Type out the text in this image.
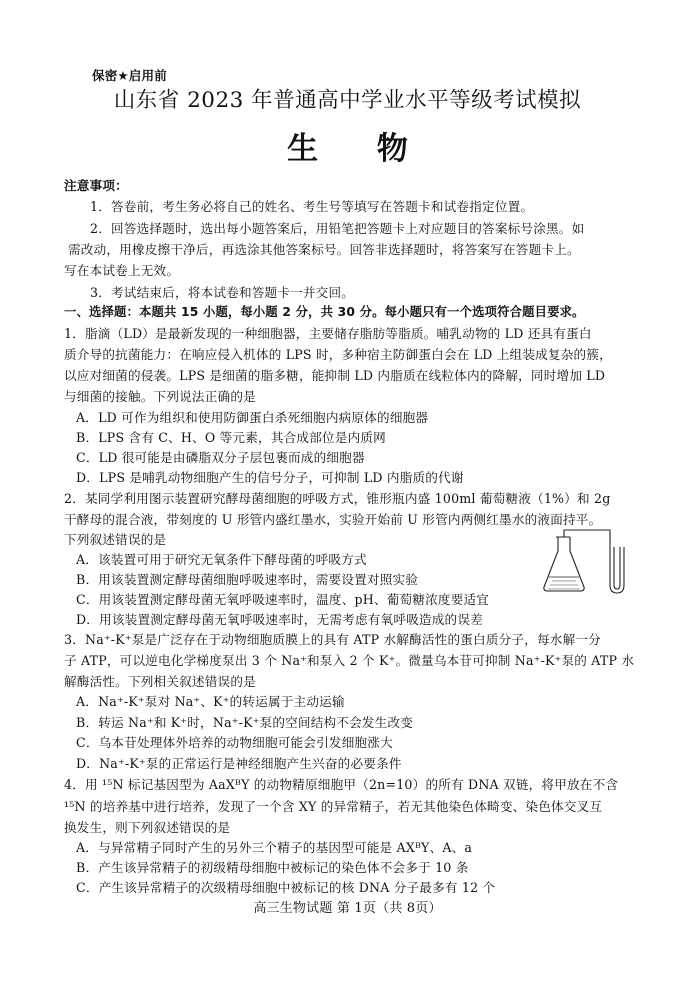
保密★启用前
山东省 2023 年普通高中学业水平等级考试模拟
生 物
注意事项：
1．答卷前，考生务必将自己的姓名、考生号等填写在答题卡和试卷指定位置。
2．回答选择题时，选出每小题答案后，用铅笔把答题卡上对应题目的答案标号涂黑。如
需改动，用橡皮擦干净后，再选涂其他答案标号。回答非选择题时，将答案写在答题卡上。
写在本试卷上无效。
3．考试结束后，将本试卷和答题卡一并交回。
一、选择题：本题共 15 小题，每小题 2 分，共 30 分。每小题只有一个选项符合题目要求。
1．脂滴（LD）是最新发现的一种细胞器，主要储存脂肪等脂质。哺乳动物的 LD 还具有蛋白
质介导的抗菌能力：在响应侵入机体的 LPS 时，多种宿主防御蛋白会在 LD 上组装成复杂的簇，
以应对细菌的侵袭。LPS 是细菌的脂多糖，能抑制 LD 内脂质在线粒体内的降解，同时增加 LD
与细菌的接触。下列说法正确的是
A．LD 可作为组织和使用防御蛋白杀死细胞内病原体的细胞器
B．LPS 含有 C、H、O 等元素，其合成部位是内质网
C．LD 很可能是由磷脂双分子层包裹而成的细胞器
D．LPS 是哺乳动物细胞产生的信号分子，可抑制 LD 内脂质的代谢
2．某同学利用图示装置研究酵母菌细胞的呼吸方式，锥形瓶内盛 100ml 葡萄糖液（1%）和 2g
干酵母的混合液，带刻度的 U 形管内盛红墨水，实验开始前 U 形管内两侧红墨水的液面持平。
下列叙述错误的是
A．该装置可用于研究无氧条件下酵母菌的呼吸方式
B．用该装置测定酵母菌细胞呼吸速率时，需要设置对照实验
C．用该装置测定酵母菌无氧呼吸速率时，温度、pH、葡萄糖浓度要适宜
D．用该装置测定酵母菌无氧呼吸速率时，无需考虑有氧呼吸造成的误差
3．Na⁺-K⁺泵是广泛存在于动物细胞质膜上的具有 ATP 水解酶活性的蛋白质分子，每水解一分
子 ATP，可以逆电化学梯度泵出 3 个 Na⁺和泵入 2 个 K⁺。微量乌本苷可抑制 Na⁺-K⁺泵的 ATP 水
解酶活性。下列相关叙述错误的是
A．Na⁺-K⁺泵对 Na⁺、K⁺的转运属于主动运输
B．转运 Na⁺和 K⁺时，Na⁺-K⁺泵的空间结构不会发生改变
C．乌本苷处理体外培养的动物细胞可能会引发细胞涨大
D．Na⁺-K⁺泵的正常运行是神经细胞产生兴奋的必要条件
4．用 ¹⁵N 标记基因型为 AaXᴮY 的动物精原细胞甲（2n=10）的所有 DNA 双链，将甲放在不含
¹⁵N 的培养基中进行培养，发现了一个含 XY 的异常精子，若无其他染色体畸变、染色体交叉互
换发生，则下列叙述错误的是
A．与异常精子同时产生的另外三个精子的基因型可能是 AXᴮY、A、a
B．产生该异常精子的初级精母细胞中被标记的染色体不会多于 10 条
C．产生该异常精子的次级精母细胞中被标记的核 DNA 分子最多有 12 个
高三生物试题 第 1页（共 8页）
